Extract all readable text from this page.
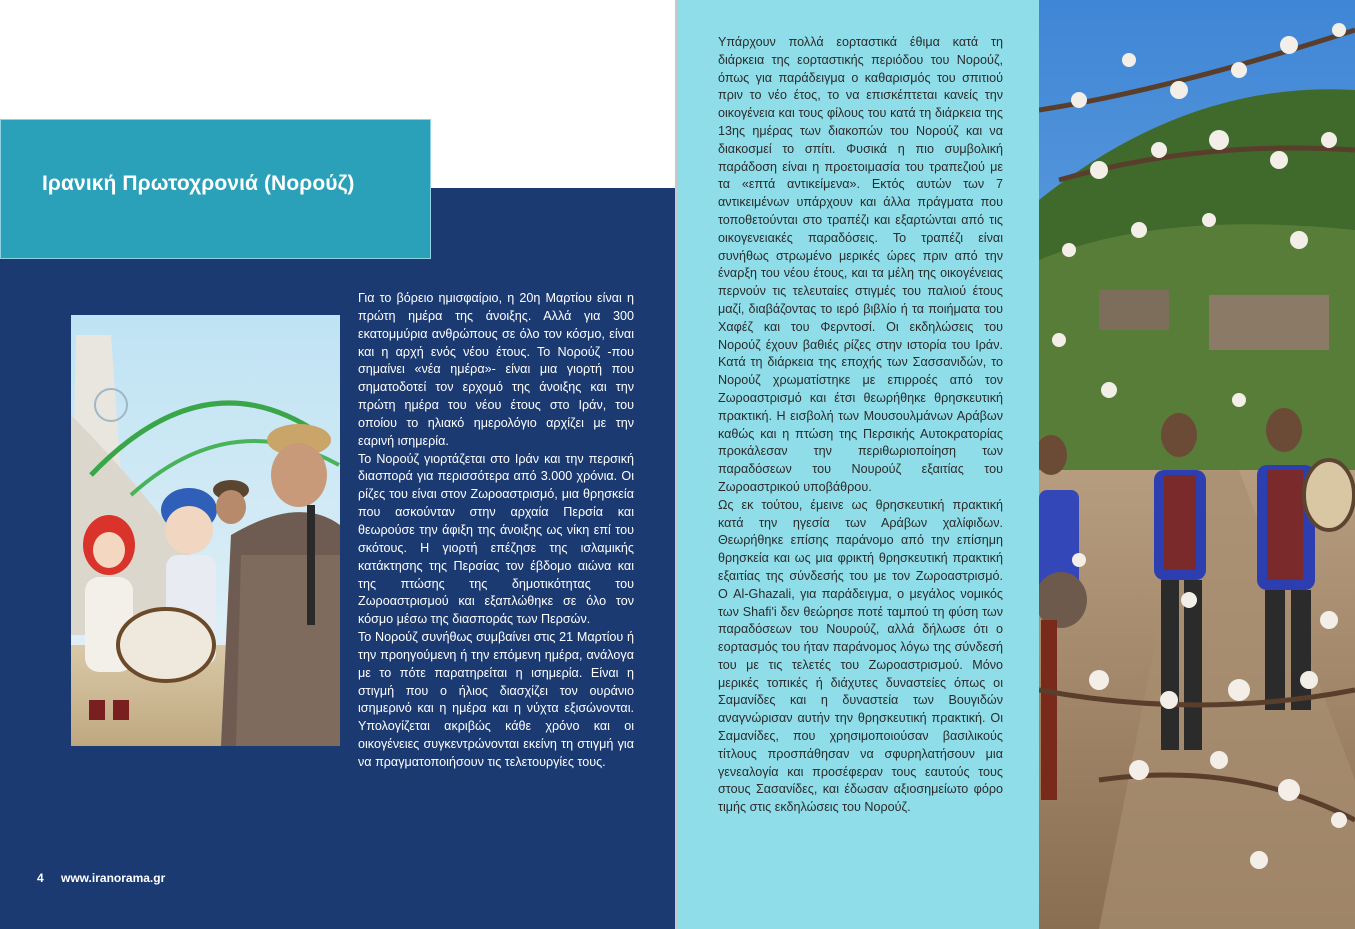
Ιρανική Πρωτοχρονιά (Νορούζ)

Για το βόρειο ημισφαίριο, η 20η Μαρτίου είναι η πρώτη ημέρα της άνοιξης. Αλλά για 300 εκατομμύρια ανθρώπους σε όλο τον κόσμο, είναι και η αρχή ενός νέου έτους. Το Νορούζ -που σημαίνει «νέα ημέρα»- είναι μια γιορτή που σηματοδοτεί τον ερχομό της άνοιξης και την πρώτη ημέρα του νέου έτους στο Ιράν, του οποίου το ηλιακό ημερολόγιο αρχίζει με την εαρινή ισημερία.

Το Νορούζ γιορτάζεται στο Ιράν και την περσική διασπορά για περισσότερα από 3.000 χρόνια. Οι ρίζες του είναι στον Ζωροαστρισμό, μια θρησκεία που ασκούνταν στην αρχαία Περσία και θεωρούσε την άφιξη της άνοιξης ως νίκη επί του σκότους. Η γιορτή επέζησε της ισλαμικής κατάκτησης της Περσίας τον έβδομο αιώνα και της πτώσης της δημοτικότητας του Ζωροαστρισμού και εξαπλώθηκε σε όλο τον κόσμο μέσω της διασποράς των Περσών.

Το Νορούζ συνήθως συμβαίνει στις 21 Μαρτίου ή την προηγούμενη ή την επόμενη ημέρα, ανάλογα με το πότε παρατηρείται η ισημερία. Είναι η στιγμή που ο ήλιος διασχίζει τον ουράνιο ισημερινό και η ημέρα και η νύχτα εξισώνονται. Υπολογίζεται ακριβώς κάθε χρόνο και οι οικογένειες συγκεντρώνονται εκείνη τη στιγμή για να πραγματοποιήσουν τις τελετουργίες τους.

4 www.iranorama.gr

Υπάρχουν πολλά εορταστικά έθιμα κατά τη διάρκεια της εορταστικής περιόδου του Νορούζ, όπως για παράδειγμα ο καθαρισμός του σπιτιού πριν το νέο έτος, το να επισκέπτεται κανείς την οικογένεια και τους φίλους του κατά τη διάρκεια της 13ης ημέρας των διακοπών του Νορούζ και να διακοσμεί το σπίτι. Φυσικά η πιο συμβολική παράδοση είναι η προετοιμασία του τραπεζιού με τα «επτά αντικείμενα». Εκτός αυτών των 7 αντικειμένων υπάρχουν και άλλα πράγματα που τοποθετούνται στο τραπέζι και εξαρτώνται από τις οικογενειακές παραδόσεις. Το τραπέζι είναι συνήθως στρωμένο μερικές ώρες πριν από την έναρξη του νέου έτους, και τα μέλη της οικογένειας περνούν τις τελευταίες στιγμές του παλιού έτους μαζί, διαβάζοντας το ιερό βιβλίο ή τα ποιήματα του Χαφέζ και του Φερντοσί. Οι εκδηλώσεις του Νορούζ έχουν βαθιές ρίζες στην ιστορία του Ιράν. Κατά τη διάρκεια της εποχής των Σασσανιδών, το Νορούζ χρωματίστηκε με επιρροές από τον Ζωροαστρισμό και έτσι θεωρήθηκε θρησκευτική πρακτική. Η εισβολή των Μουσουλμάνων Αράβων καθώς και η πτώση της Περσικής Αυτοκρατορίας προκάλεσαν την περιθωριοποίηση των παραδόσεων του Νουρούζ εξαιτίας του Ζωροαστρικού υποβάθρου.

Ως εκ τούτου, έμεινε ως θρησκευτική πρακτική κατά την ηγεσία των Αράβων χαλίφιδων. Θεωρήθηκε επίσης παράνομο από την επίσημη θρησκεία και ως μια φρικτή θρησκευτική πρακτική εξαιτίας της σύνδεσής του με τον Ζωροαστρισμό. Ο Al-Ghazali, για παράδειγμα, ο μεγάλος νομικός των Shafi'i δεν θεώρησε ποτέ ταμπού τη φύση των παραδόσεων του Νουρούζ, αλλά δήλωσε ότι ο εορτασμός του ήταν παράνομος λόγω της σύνδεσή του με τις τελετές του Ζωροαστρισμού. Μόνο μερικές τοπικές ή διάχυτες δυναστείες όπως οι Σαμανίδες και η δυναστεία των Βουγιδών αναγνώρισαν αυτήν την θρησκευτική πρακτική. Οι Σαμανίδες, που χρησιμοποιούσαν βασιλικούς τίτλους προσπάθησαν να σφυρηλατήσουν μια γενεαλογία και προσέφεραν τους εαυτούς τους στους Σασανίδες, και έδωσαν αξιοσημείωτο φόρο τιμής στις εκδηλώσεις του Νορούζ.
